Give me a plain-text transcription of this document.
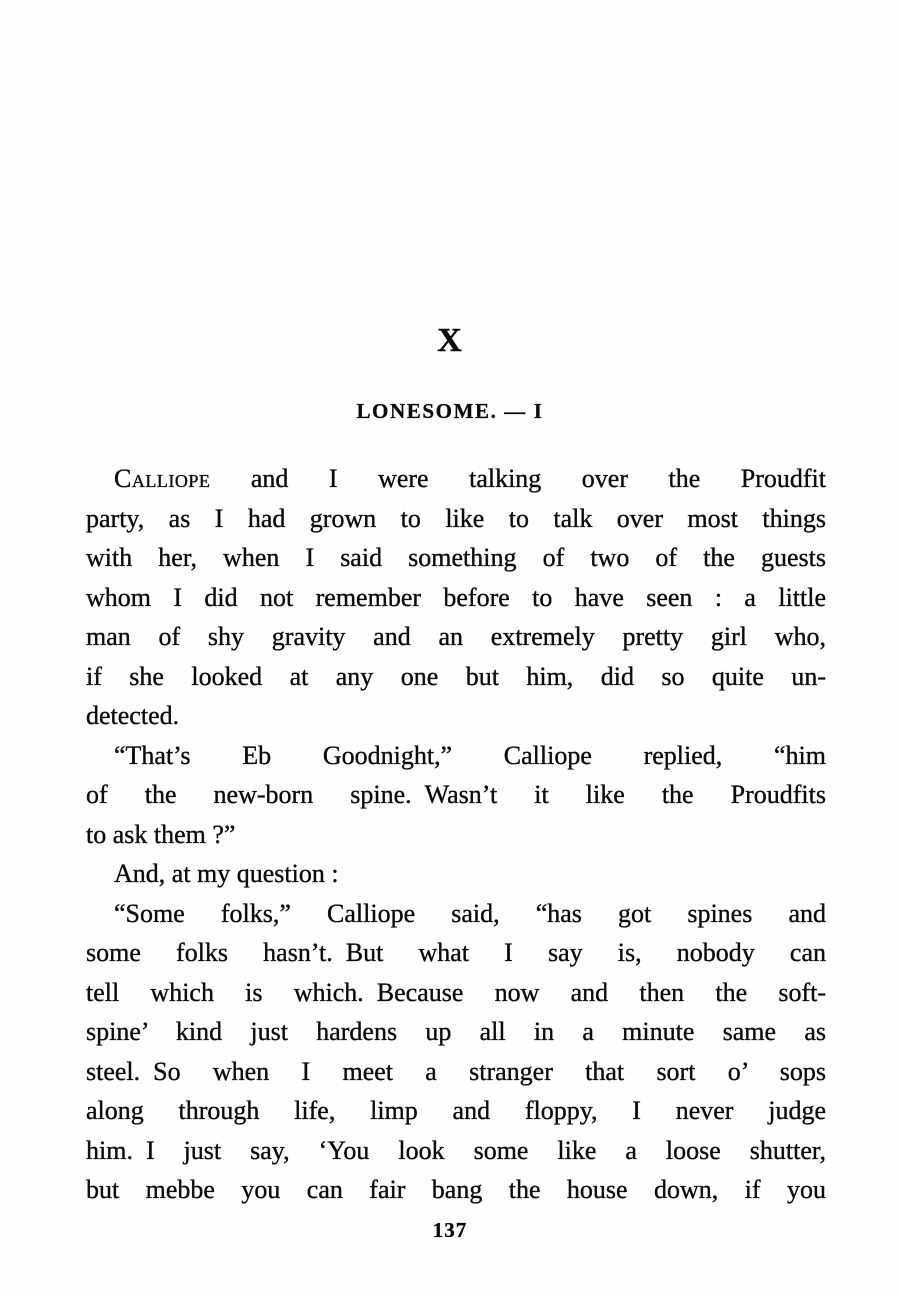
X
LONESOME. — I
Calliope and I were talking over the Proudfit
party, as I had grown to like to talk over most things
with her, when I said something of two of the guests
whom I did not remember before to have seen : a little
man of shy gravity and an extremely pretty girl who,
if she looked at any one but him, did so quite un-
detected.
“That’s Eb Goodnight,” Calliope replied, “him
of the new-born spine. Wasn’t it like the Proudfits
to ask them ?”
And, at my question :
“Some folks,” Calliope said, “has got spines and
some folks hasn’t. But what I say is, nobody can
tell which is which. Because now and then the soft-
spine’ kind just hardens up all in a minute same as
steel. So when I meet a stranger that sort o’ sops
along through life, limp and floppy, I never judge
him. I just say, ‘You look some like a loose shutter,
but mebbe you can fair bang the house down, if you
137
